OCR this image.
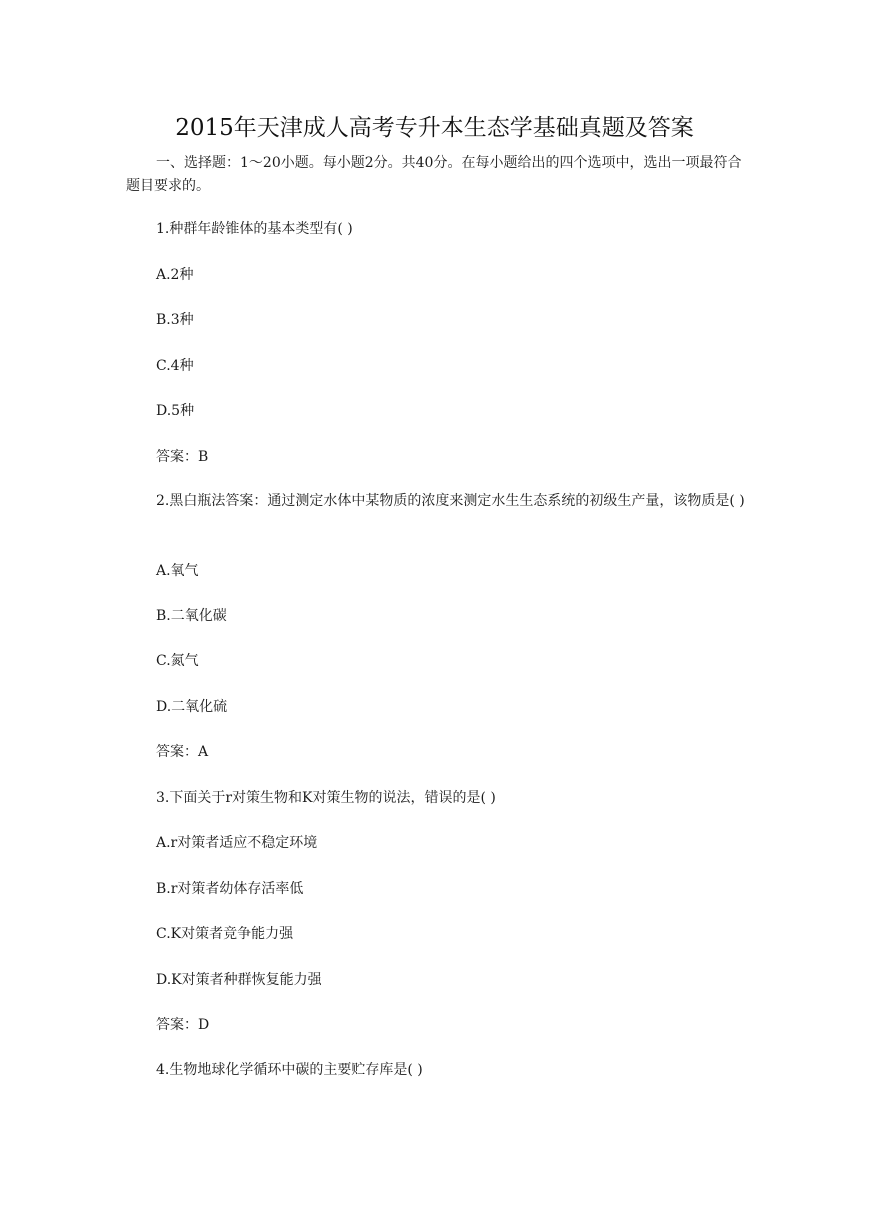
2015年天津成人高考专升本生态学基础真题及答案
一、选择题：1～20小题。每小题2分。共40分。在每小题给出的四个选项中，选出一项最符合题目要求的。
1.种群年龄锥体的基本类型有( )
A.2种
B.3种
C.4种
D.5种
答案：B
2.黑白瓶法答案：通过测定水体中某物质的浓度来测定水生生态系统的初级生产量，该物质是( )
A.氧气
B.二氧化碳
C.氮气
D.二氧化硫
答案：A
3.下面关于r对策生物和K对策生物的说法，错误的是( )
A.r对策者适应不稳定环境
B.r对策者幼体存活率低
C.K对策者竞争能力强
D.K对策者种群恢复能力强
答案：D
4.生物地球化学循环中碳的主要贮存库是( )
